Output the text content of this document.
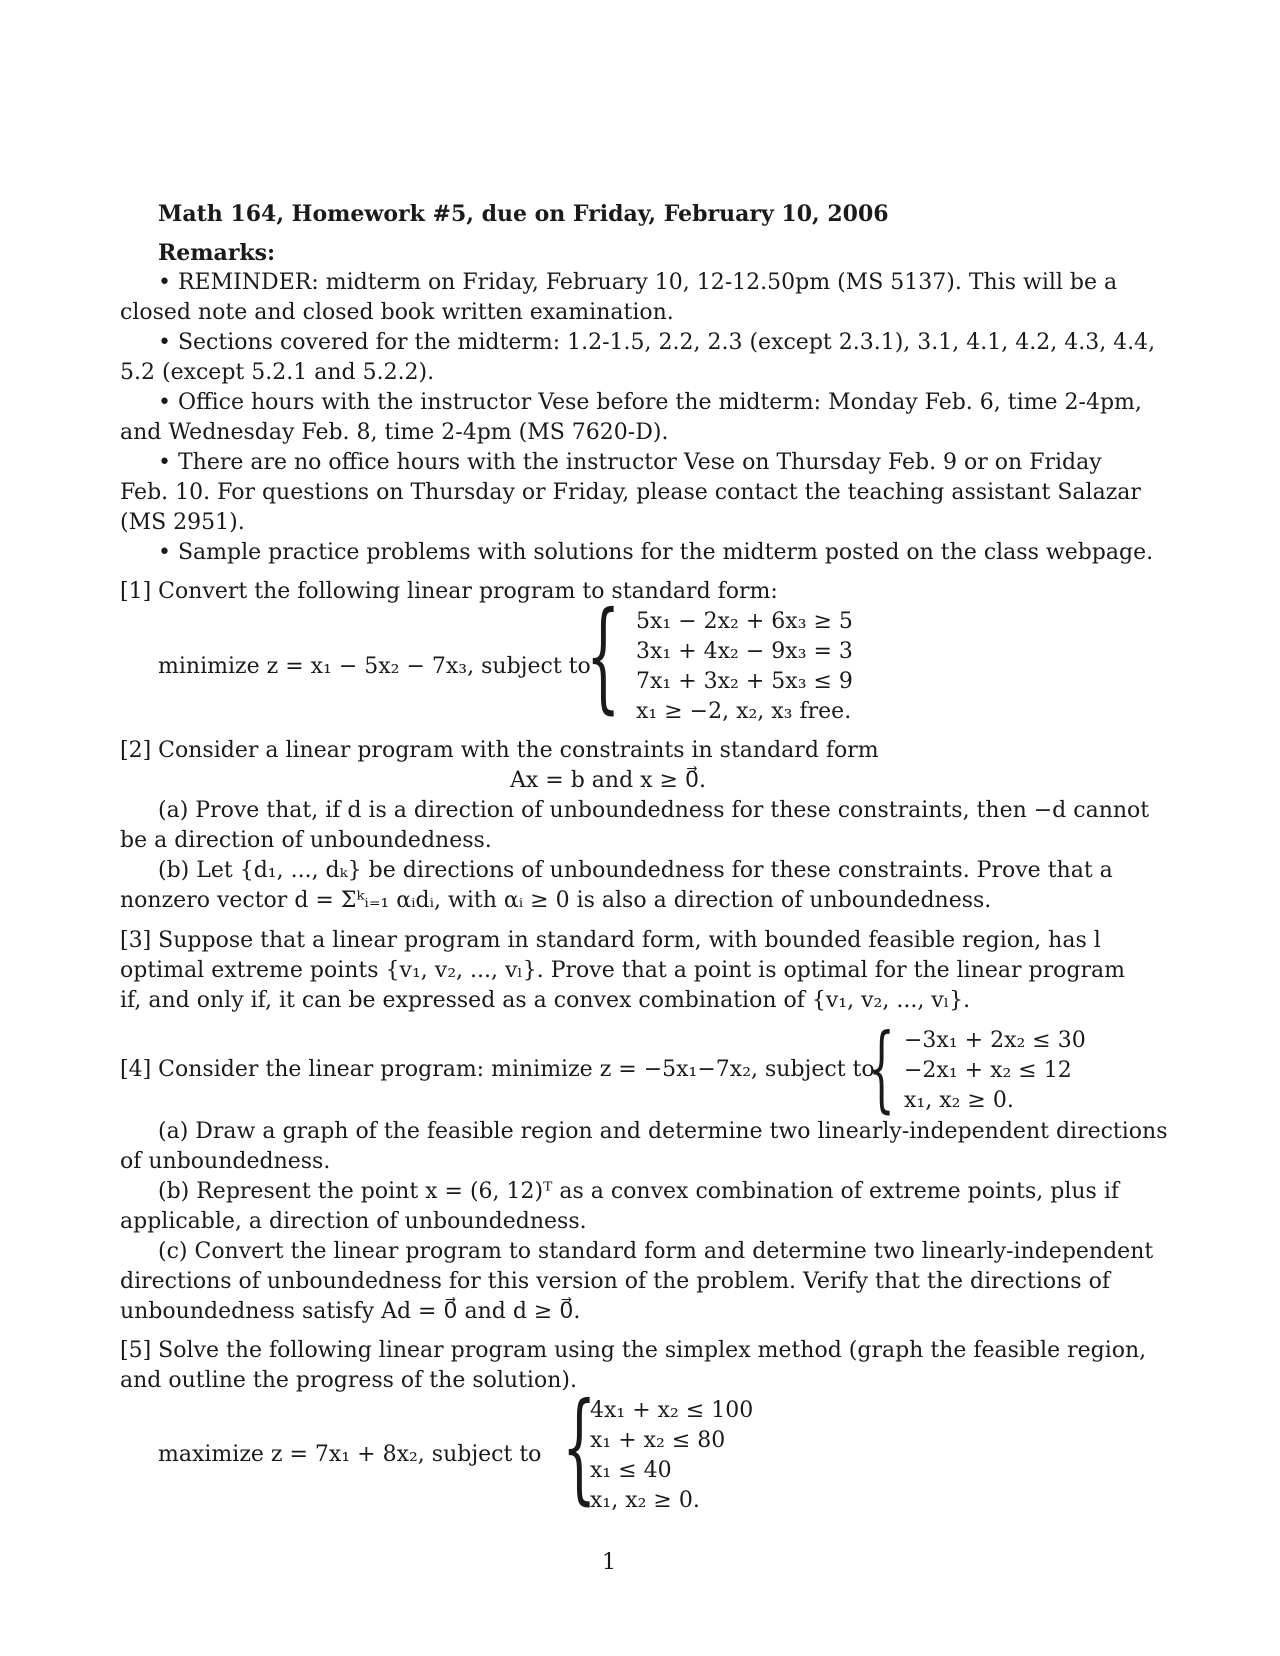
Math 164, Homework #5, due on Friday, February 10, 2006
Remarks:
• REMINDER: midterm on Friday, February 10, 12-12.50pm (MS 5137). This will be a
closed note and closed book written examination.
• Sections covered for the midterm: 1.2-1.5, 2.2, 2.3 (except 2.3.1), 3.1, 4.1, 4.2, 4.3, 4.4,
5.2 (except 5.2.1 and 5.2.2).
• Office hours with the instructor Vese before the midterm: Monday Feb. 6, time 2-4pm,
and Wednesday Feb. 8, time 2-4pm (MS 7620-D).
• There are no office hours with the instructor Vese on Thursday Feb. 9 or on Friday
Feb. 10. For questions on Thursday or Friday, please contact the teaching assistant Salazar
(MS 2951).
• Sample practice problems with solutions for the midterm posted on the class webpage.
[1] Convert the following linear program to standard form:
minimize z = x₁ − 5x₂ − 7x₃, subject to
{ 5x₁ − 2x₂ + 6x₃ ≥ 5
3x₁ + 4x₂ − 9x₃ = 3
7x₁ + 3x₂ + 5x₃ ≤ 9
x₁ ≥ −2, x₂, x₃ free.
[2] Consider a linear program with the constraints in standard form
Ax = b and x ≥ 0⃗.
(a) Prove that, if d is a direction of unboundedness for these constraints, then −d cannot
be a direction of unboundedness.
(b) Let {d₁, ..., dₖ} be directions of unboundedness for these constraints. Prove that a
nonzero vector d = Σᵏᵢ₌₁ αᵢdᵢ, with αᵢ ≥ 0 is also a direction of unboundedness.
[3] Suppose that a linear program in standard form, with bounded feasible region, has l
optimal extreme points {v₁, v₂, ..., vₗ}. Prove that a point is optimal for the linear program
if, and only if, it can be expressed as a convex combination of {v₁, v₂, ..., vₗ}.
[4] Consider the linear program: minimize z = −5x₁−7x₂, subject to
{ −3x₁ + 2x₂ ≤ 30
−2x₁ + x₂ ≤ 12
x₁, x₂ ≥ 0.
(a) Draw a graph of the feasible region and determine two linearly-independent directions
of unboundedness.
(b) Represent the point x = (6, 12)ᵀ as a convex combination of extreme points, plus if
applicable, a direction of unboundedness.
(c) Convert the linear program to standard form and determine two linearly-independent
directions of unboundedness for this version of the problem. Verify that the directions of
unboundedness satisfy Ad = 0⃗ and d ≥ 0⃗.
[5] Solve the following linear program using the simplex method (graph the feasible region,
and outline the progress of the solution).
maximize z = 7x₁ + 8x₂, subject to {
4x₁ + x₂ ≤ 100
x₁ + x₂ ≤ 80
x₁ ≤ 40
x₁, x₂ ≥ 0.
1
